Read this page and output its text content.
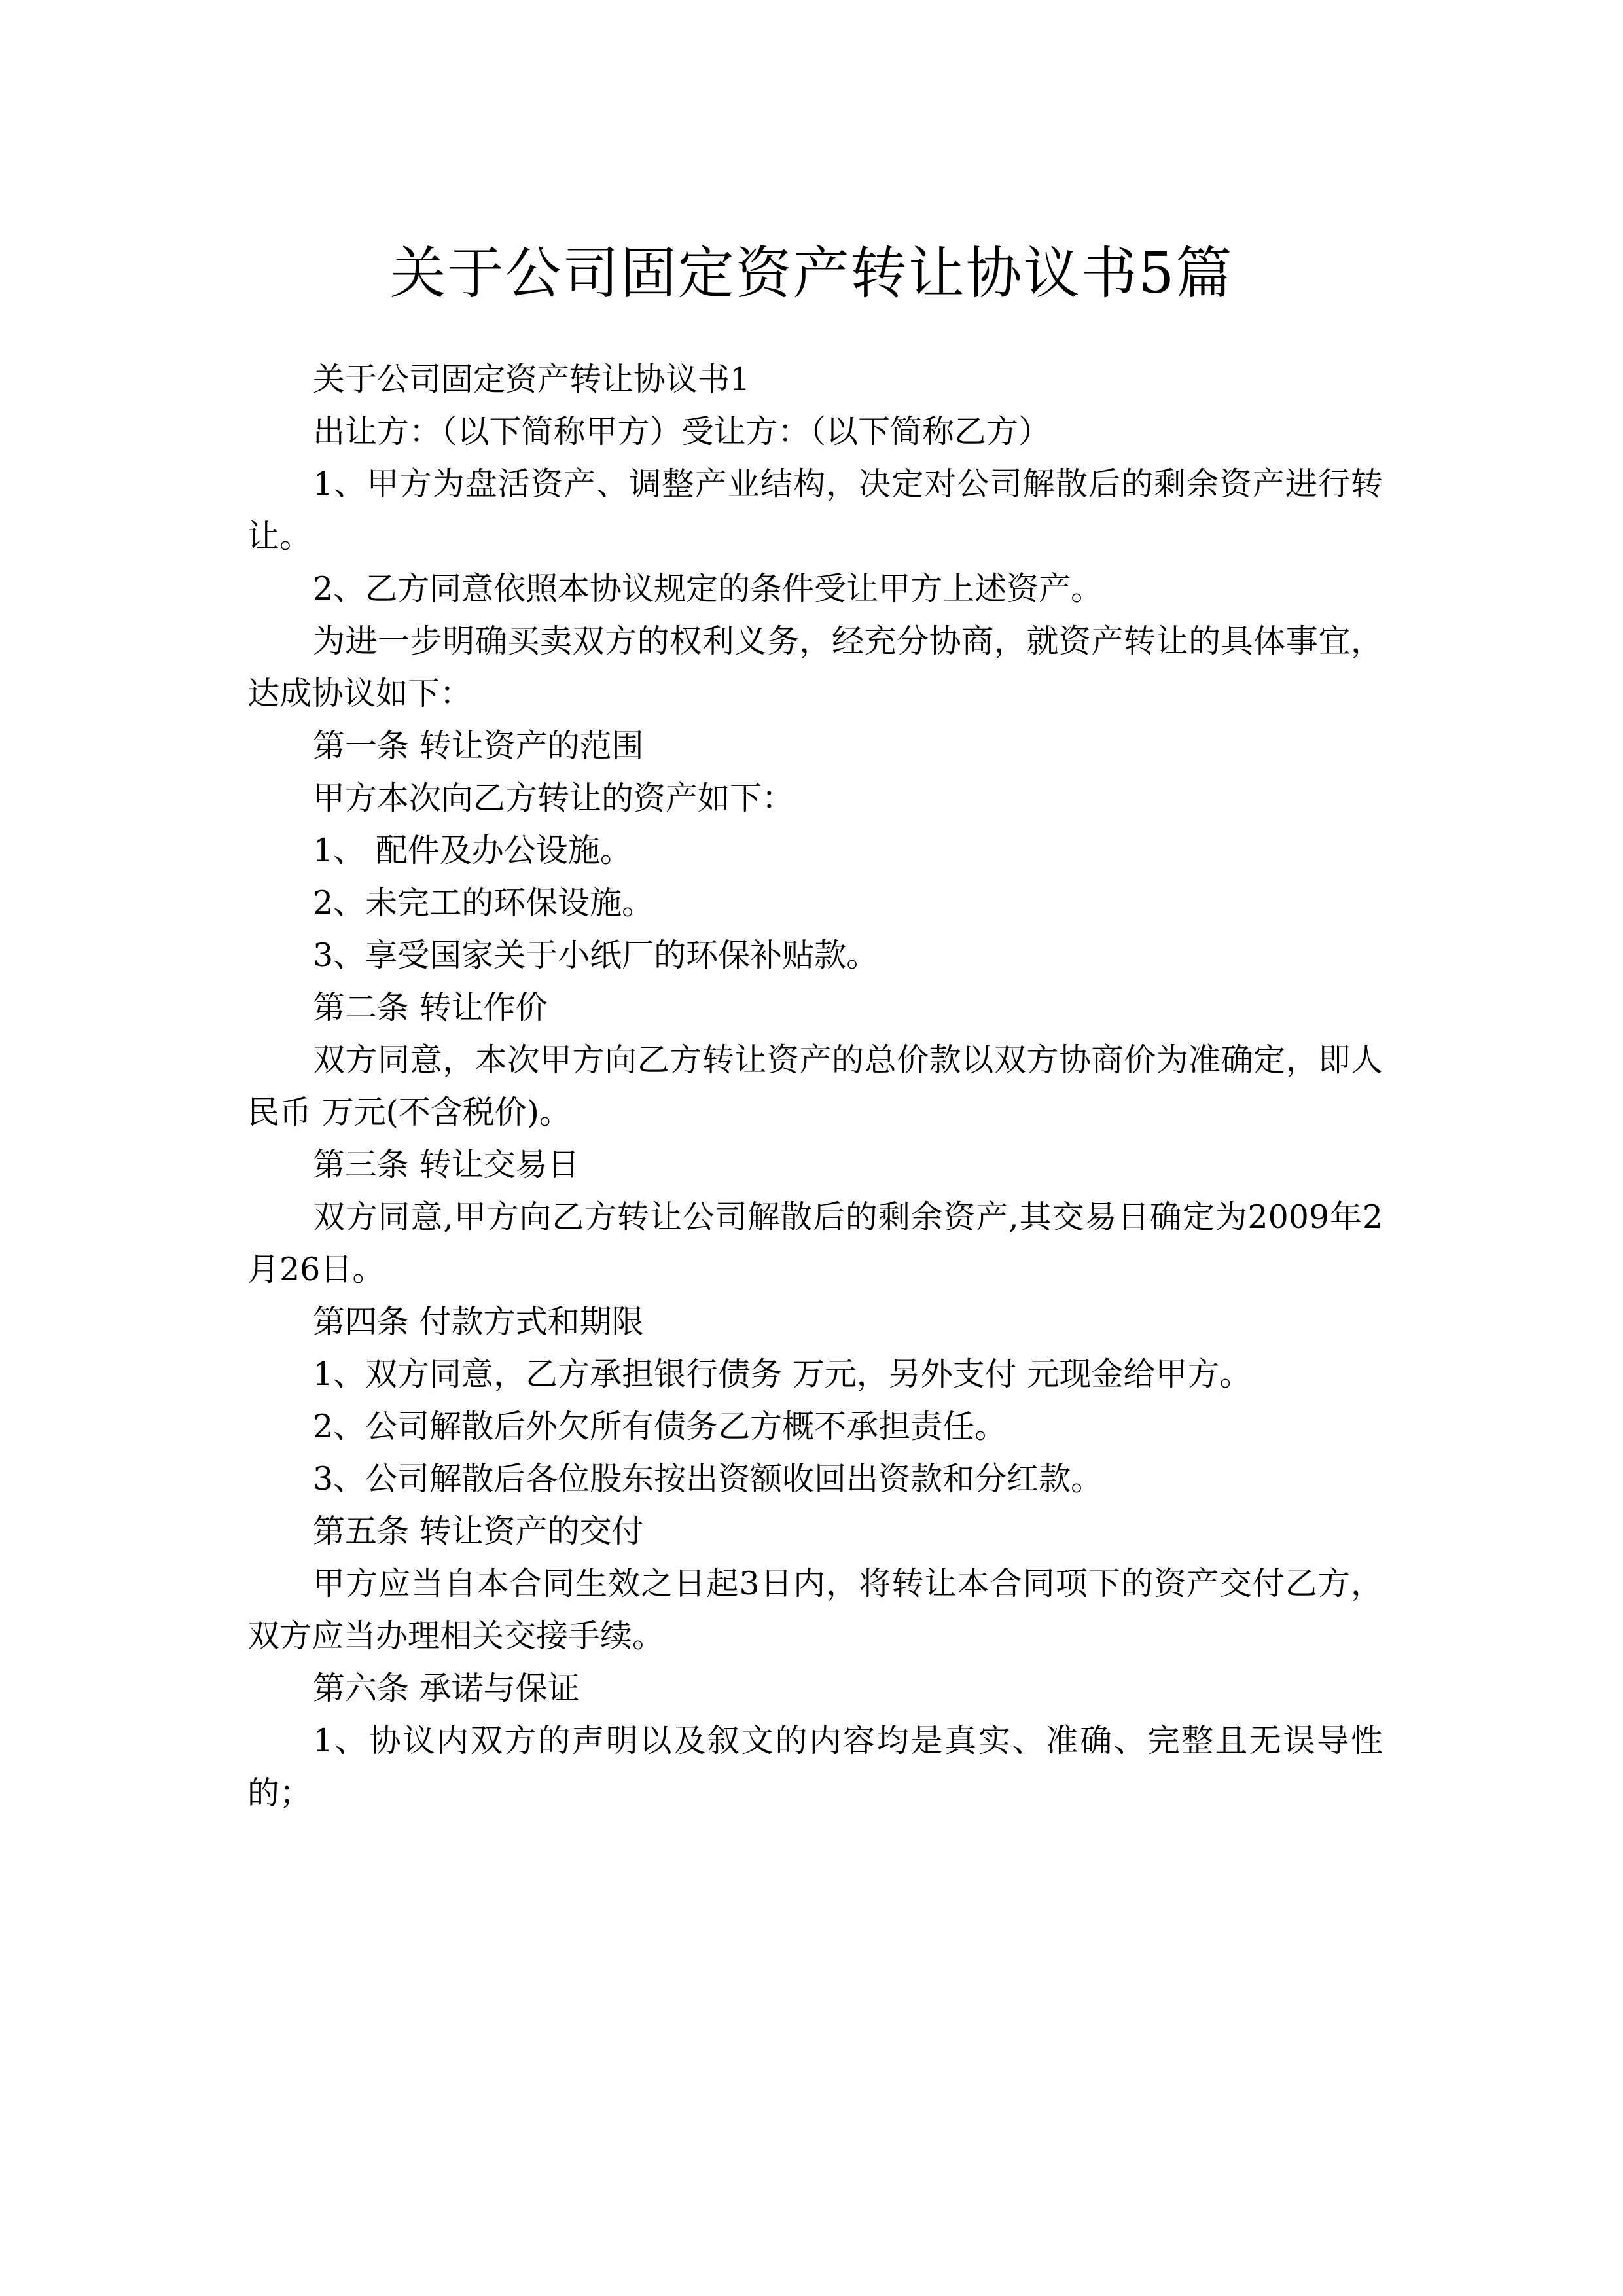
关于公司固定资产转让协议书5篇

关于公司固定资产转让协议书1

出让方：（以下简称甲方）受让方：（以下简称乙方）

1、甲方为盘活资产、调整产业结构，决定对公司解散后的剩余资产进行转让。

2、乙方同意依照本协议规定的条件受让甲方上述资产。

为进一步明确买卖双方的权利义务，经充分协商，就资产转让的具体事宜，达成协议如下：

第一条 转让资产的范围

甲方本次向乙方转让的资产如下：

1、 配件及办公设施。

2、未完工的环保设施。

3、享受国家关于小纸厂的环保补贴款。

第二条 转让作价

双方同意，本次甲方向乙方转让资产的总价款以双方协商价为准确定，即人民币 万元(不含税价)。

第三条 转让交易日

双方同意,甲方向乙方转让公司解散后的剩余资产,其交易日确定为2009年2月26日。

第四条 付款方式和期限

1、双方同意，乙方承担银行债务 万元，另外支付 元现金给甲方。

2、公司解散后外欠所有债务乙方概不承担责任。

3、公司解散后各位股东按出资额收回出资款和分红款。

第五条 转让资产的交付

甲方应当自本合同生效之日起3日内，将转让本合同项下的资产交付乙方，双方应当办理相关交接手续。

第六条 承诺与保证

1、协议内双方的声明以及叙文的内容均是真实、准确、完整且无误导性的；
